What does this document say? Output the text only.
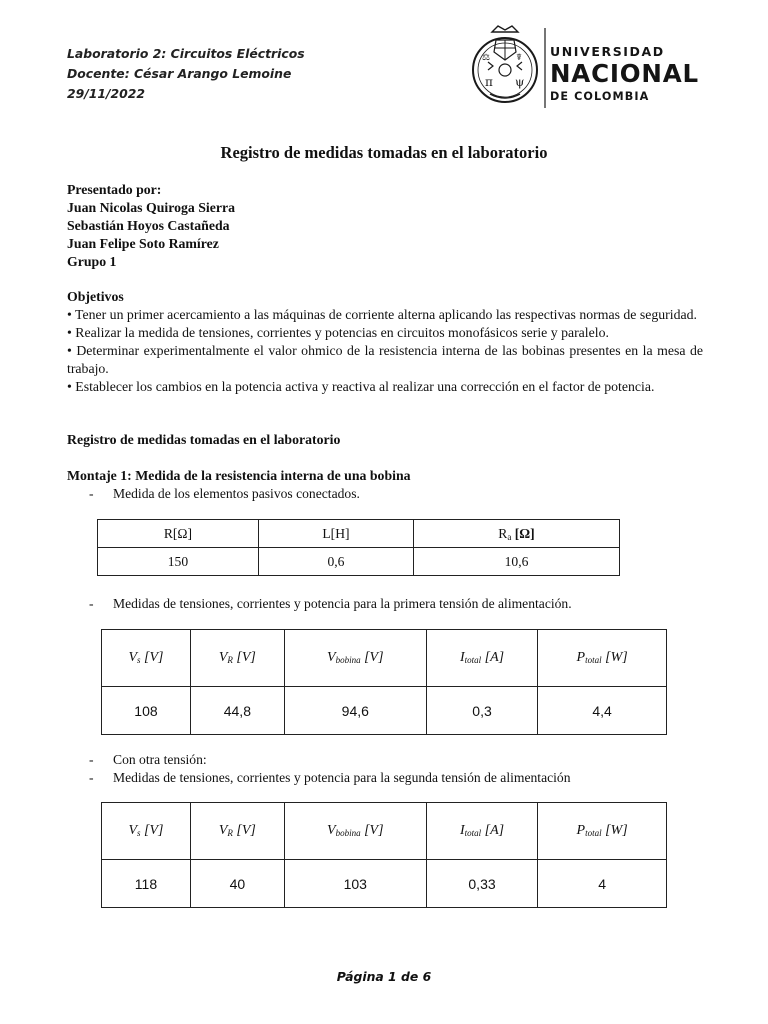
Laboratorio 2: Circuitos Eléctricos
Docente: César Arango Lemoine
29/11/2022
π ψ
⚖	☤ UNIVERSIDAD
NACIONAL
DE COLOMBIA
Registro de medidas tomadas en el laboratorio
Presentado por:
Juan Nicolas Quiroga Sierra
Sebastián Hoyos Castañeda
Juan Felipe Soto Ramírez
Grupo 1
Objetivos
• Tener un primer acercamiento a las máquinas de corriente alterna aplicando las respectivas normas de seguridad.
• Realizar la medida de tensiones, corrientes y potencias en circuitos monofásicos serie y paralelo.
• Determinar experimentalmente el valor ohmico de la resistencia interna de las bobinas presentes en la mesa de trabajo.
• Establecer los cambios en la potencia activa y reactiva al realizar una corrección en el factor de potencia.
Registro de medidas tomadas en el laboratorio
Montaje 1: Medida de la resistencia interna de una bobina
- Medida de los elementos pasivos conectados.
R[Ω]	L[H]	$R_a$ [Ω]
150	0,6	10,6
- Medidas de tensiones, corrientes y potencia para la primera tensión de alimentación.
$V_s$ [V]	$V_R$ [V]	$V_{bobina}$ [V]	$I_{total}$ [A]	$P_{total}$ [W]
108	44,8	94,6	0,3	4,4
- Con otra tensión:
- Medidas de tensiones, corrientes y potencia para la segunda tensión de alimentación
$V_s$ [V]	$V_R$ [V]	$V_{bobina}$ [V]	$I_{total}$ [A]	$P_{total}$ [W]
118	40	103	0,33	4
Página 1 de 6
